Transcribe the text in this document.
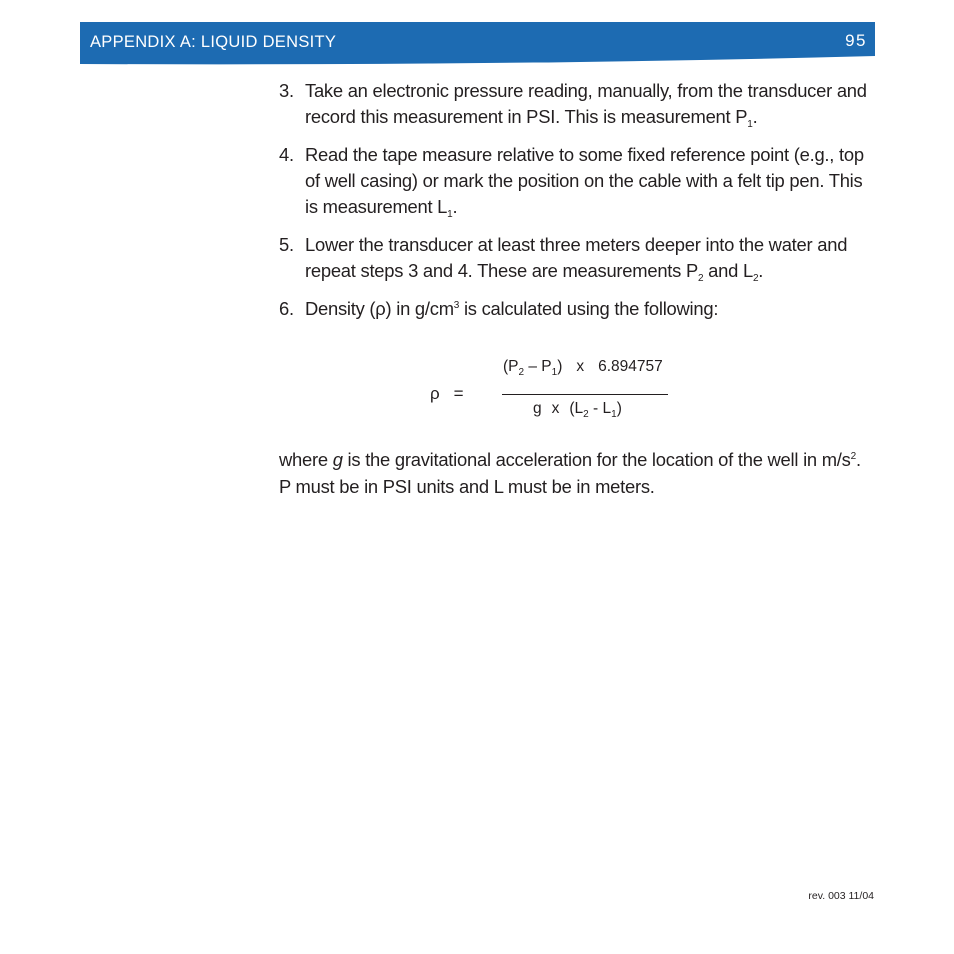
APPENDIX A: LIQUID DENSITY	95
3. Take an electronic pressure reading, manually, from the transducer and record this measurement in PSI. This is measurement $P_1$.
4. Read the tape measure relative to some fixed reference point (e.g., top of well casing) or mark the position on the cable with a felt tip pen. This is measurement $L_1$.
5. Lower the transducer at least three meters deeper into the water and repeat steps 3 and 4. These are measurements $P_2$ and $L_2$.
6. Density (ρ) in $g/cm^3$ is calculated using the following:
ρ =
$(P_2 - P_1)$ x 6.894757
g x $(L_2 - L_1)$
where g is the gravitational acceleration for the location of the well in $m/s^2$.
P must be in PSI units and L must be in meters.
rev. 003 11/04
